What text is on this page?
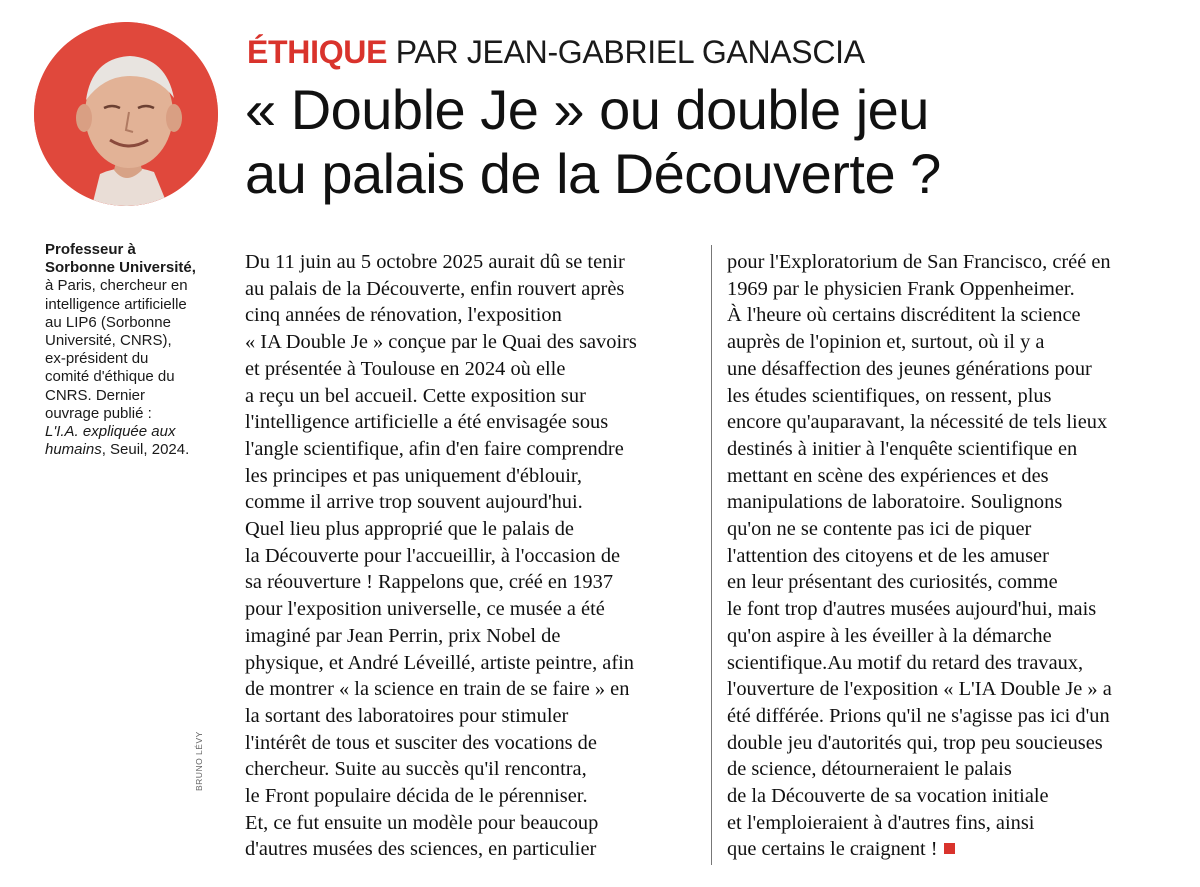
ÉTHIQUE PAR JEAN-GABRIEL GANASCIA
« Double Je » ou double jeu
au palais de la Découverte ?
Professeur à
Sorbonne Université,
à Paris, chercheur en
intelligence artificielle
au LIP6 (Sorbonne
Université, CNRS),
ex-président du
comité d'éthique du
CNRS. Dernier
ouvrage publié :
L'I.A. expliquée aux
humains, Seuil, 2024.
BRUNO LÉVY
Du 11 juin au 5 octobre 2025 aurait dû se tenir
au palais de la Découverte, enfin rouvert après
cinq années de rénovation, l'exposition
« IA Double Je » conçue par le Quai des savoirs
et présentée à Toulouse en 2024 où elle
a reçu un bel accueil. Cette exposition sur
l'intelligence artificielle a été envisagée sous
l'angle scientifique, afin d'en faire comprendre
les principes et pas uniquement d'éblouir,
comme il arrive trop souvent aujourd'hui.
Quel lieu plus approprié que le palais de
la Découverte pour l'accueillir, à l'occasion de
sa réouverture ! Rappelons que, créé en 1937
pour l'exposition universelle, ce musée a été
imaginé par Jean Perrin, prix Nobel de
physique, et André Léveillé, artiste peintre, afin
de montrer « la science en train de se faire » en
la sortant des laboratoires pour stimuler
l'intérêt de tous et susciter des vocations de
chercheur. Suite au succès qu'il rencontra,
le Front populaire décida de le pérenniser.
Et, ce fut ensuite un modèle pour beaucoup
d'autres musées des sciences, en particulier
pour l'Exploratorium de San Francisco, créé en
1969 par le physicien Frank Oppenheimer.
À l'heure où certains discréditent la science
auprès de l'opinion et, surtout, où il y a
une désaffection des jeunes générations pour
les études scientifiques, on ressent, plus
encore qu'auparavant, la nécessité de tels lieux
destinés à initier à l'enquête scientifique en
mettant en scène des expériences et des
manipulations de laboratoire. Soulignons
qu'on ne se contente pas ici de piquer
l'attention des citoyens et de les amuser
en leur présentant des curiosités, comme
le font trop d'autres musées aujourd'hui, mais
qu'on aspire à les éveiller à la démarche
scientifique.Au motif du retard des travaux,
l'ouverture de l'exposition « L'IA Double Je » a
été différée. Prions qu'il ne s'agisse pas ici d'un
double jeu d'autorités qui, trop peu soucieuses
de science, détourneraient le palais
de la Découverte de sa vocation initiale
et l'emploieraient à d'autres fins, ainsi
que certains le craignent !
